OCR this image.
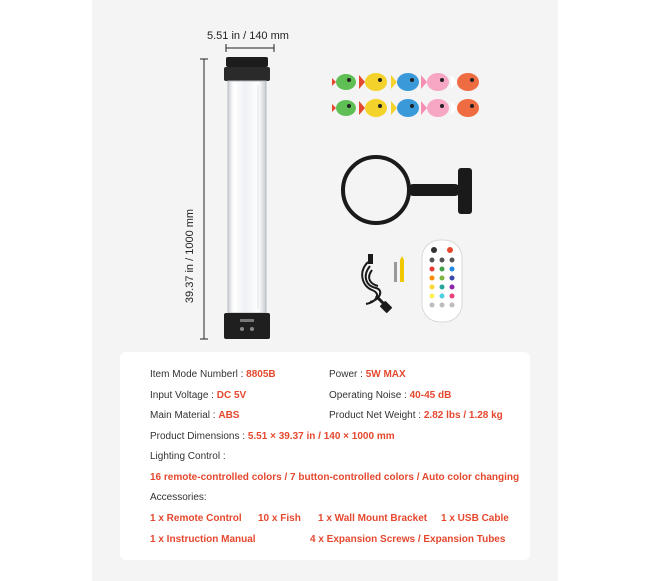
5.51 in / 140 mm
39.37 in / 1000 mm
Item Mode Numberl : 8805B	Power : 5W MAX
Input Voltage : DC 5V	Operating Noise : 40-45 dB
Main Material : ABS	Product Net Weight : 2.82 lbs / 1.28 kg
Product Dimensions : 5.51 × 39.37 in / 140 × 1000 mm
Lighting Control :
16 remote-controlled colors / 7 button-controlled colors / Auto color changing
Accessories:
1 x Remote Control 10 x Fish 1 x Wall Mount Bracket 1 x USB Cable
1 x Instruction Manual	4 x Expansion Screws / Expansion Tubes
